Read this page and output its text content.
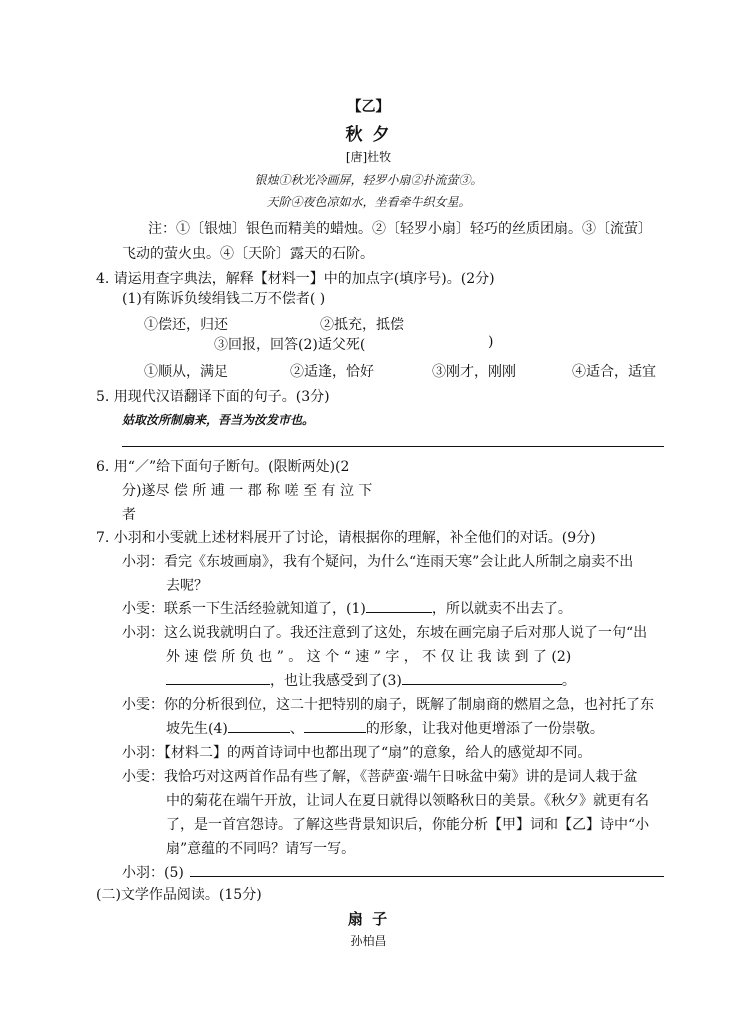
【乙】
秋 夕
[唐]杜牧
银烛①秋光冷画屏，轻罗小扇②扑流萤③。
天阶④夜色凉如水，坐看牵牛织女星。
注：①〔银烛〕银色而精美的蜡烛。②〔轻罗小扇〕轻巧的丝质团扇。③〔流萤〕
飞动的萤火虫。④〔天阶〕露天的石阶。
4. 请运用查字典法，解释【材料一】中的加点字(填序号)。(2分)
(1)有陈诉负绫绢钱二万不偿者( )
①偿还，归还	②抵充，抵偿
③回报，回答(2)适父死(	)
①顺从，满足	②适逢，恰好	③刚才，刚刚	④适合，适宜
5. 用现代汉语翻译下面的句子。(3分)
姑取汝所制扇来，吾当为汝发市也。
6. 用“／”给下面句子断句。(限断两处)(2
分)遂尽 偿 所 逋 一 郡 称 嗟 至 有 泣 下
者
7. 小羽和小雯就上述材料展开了讨论，请根据你的理解，补全他们的对话。(9分)
小羽：看完《东坡画扇》，我有个疑问，为什么“连雨天寒”会让此人所制之扇卖不出
去呢？
小雯：联系一下生活经验就知道了，(1)	，所以就卖不出去了。
小羽：这么说我就明白了。我还注意到了这处，东坡在画完扇子后对那人说了一句“出
外 速 偿 所 负 也 ” 。 这 个 “ 速 ” 字 ， 不 仅 让 我 读 到 了 (2)
，也让我感受到了(3)	。
小雯：你的分析很到位，这二十把特别的扇子，既解了制扇商的燃眉之急，也衬托了东
坡先生(4)	、	的形象，让我对他更增添了一份崇敬。
小羽：【材料二】的两首诗词中也都出现了“扇”的意象，给人的感觉却不同。
小雯：我恰巧对这两首作品有些了解，《菩萨蛮·端午日咏盆中菊》讲的是词人栽于盆
中的菊花在端午开放，让词人在夏日就得以领略秋日的美景。《秋夕》就更有名
了，是一首宫怨诗。了解这些背景知识后，你能分析【甲】词和【乙】诗中“小
扇”意蕴的不同吗？请写一写。
小羽：(5)
(二)文学作品阅读。(15分)
扇 子
孙柏昌
